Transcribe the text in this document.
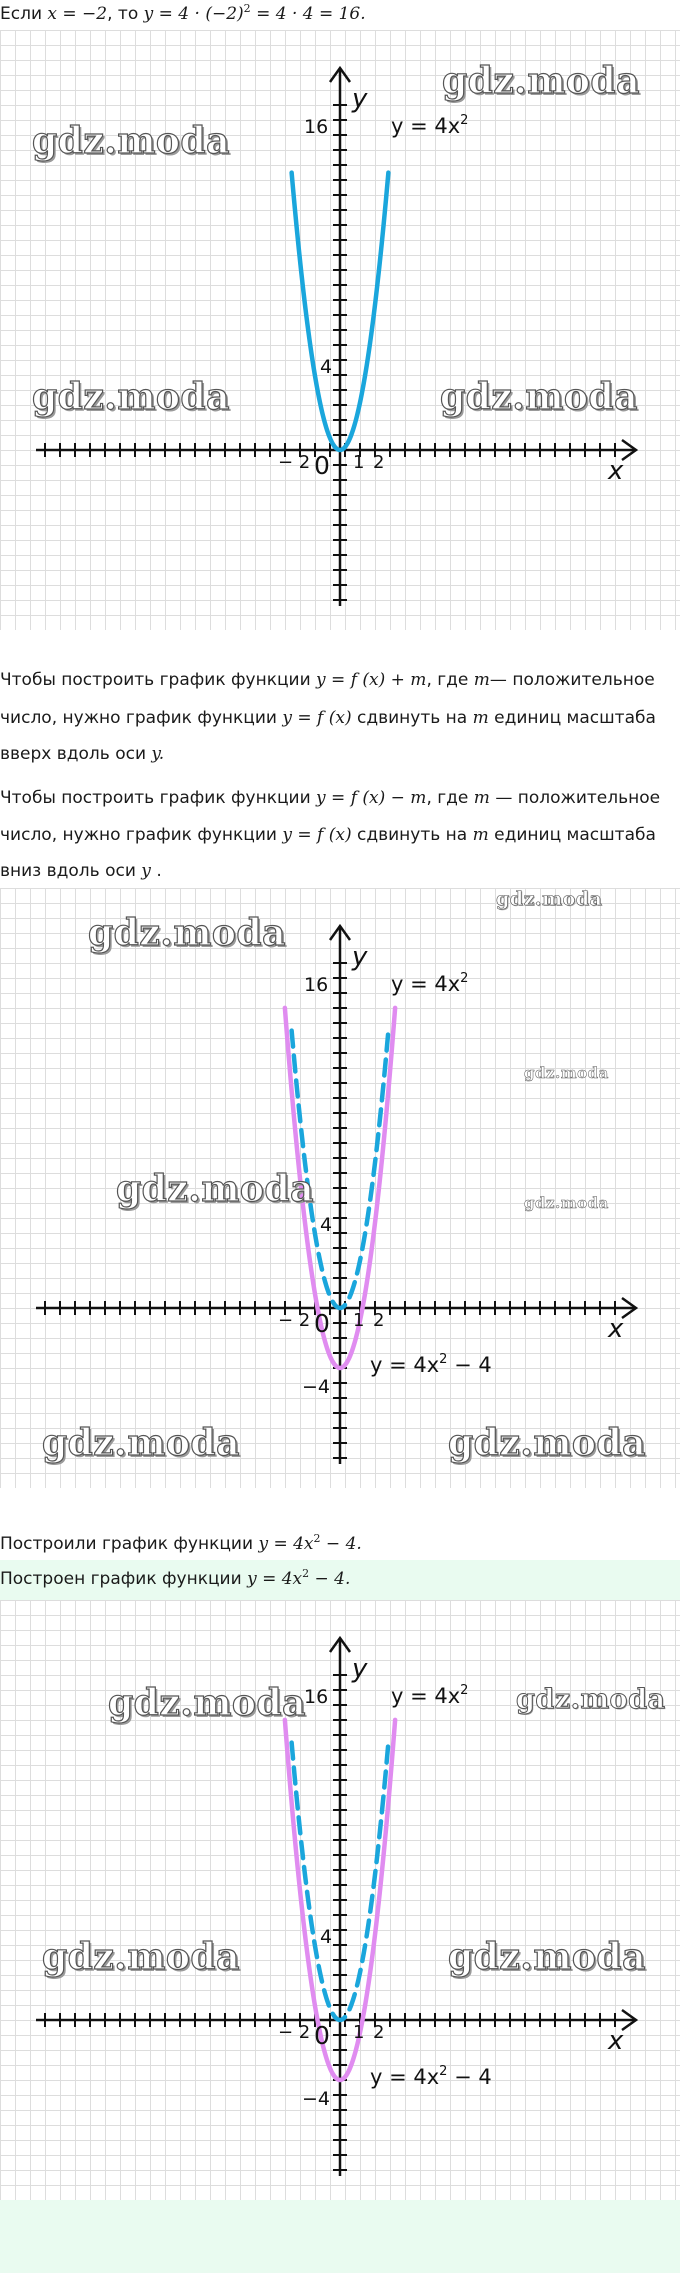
Если x = −2, то $y = 4 \cdot (-2)^2 = 4 \cdot 4 = 16$.
gdz.moda
gdz.moda
gdz.moda	gdz.moda
y
x
16
4
− 2 0 1 2
$y = 4x^2$
Чтобы построить график функции y = f (x) + m, где m— положительное
число, нужно график функции y = f (x) сдвинуть на m единиц масштаба
вверх вдоль оси y.
Чтобы построить график функции y = f (x) − m, где m — положительное
число, нужно график функции y = f (x) сдвинуть на m единиц масштаба
вниз вдоль оси y .
gdz.moda
gdz.moda
gdz.moda
gdz.moda	gdz.moda
gdz.moda	gdz.moda
y
x
16
4
−4
− 2 0 1 2
$y = 4x^2$
$y = 4x^2 - 4$
Построили график функции $y = 4x^2 - 4$.
Построен график функции $y = 4x^2 - 4$.
gdz.moda	gdz.moda
gdz.moda	gdz.moda
y
x
16
4
−4
− 2 0 1 2
$y = 4x^2$
$y = 4x^2 - 4$
